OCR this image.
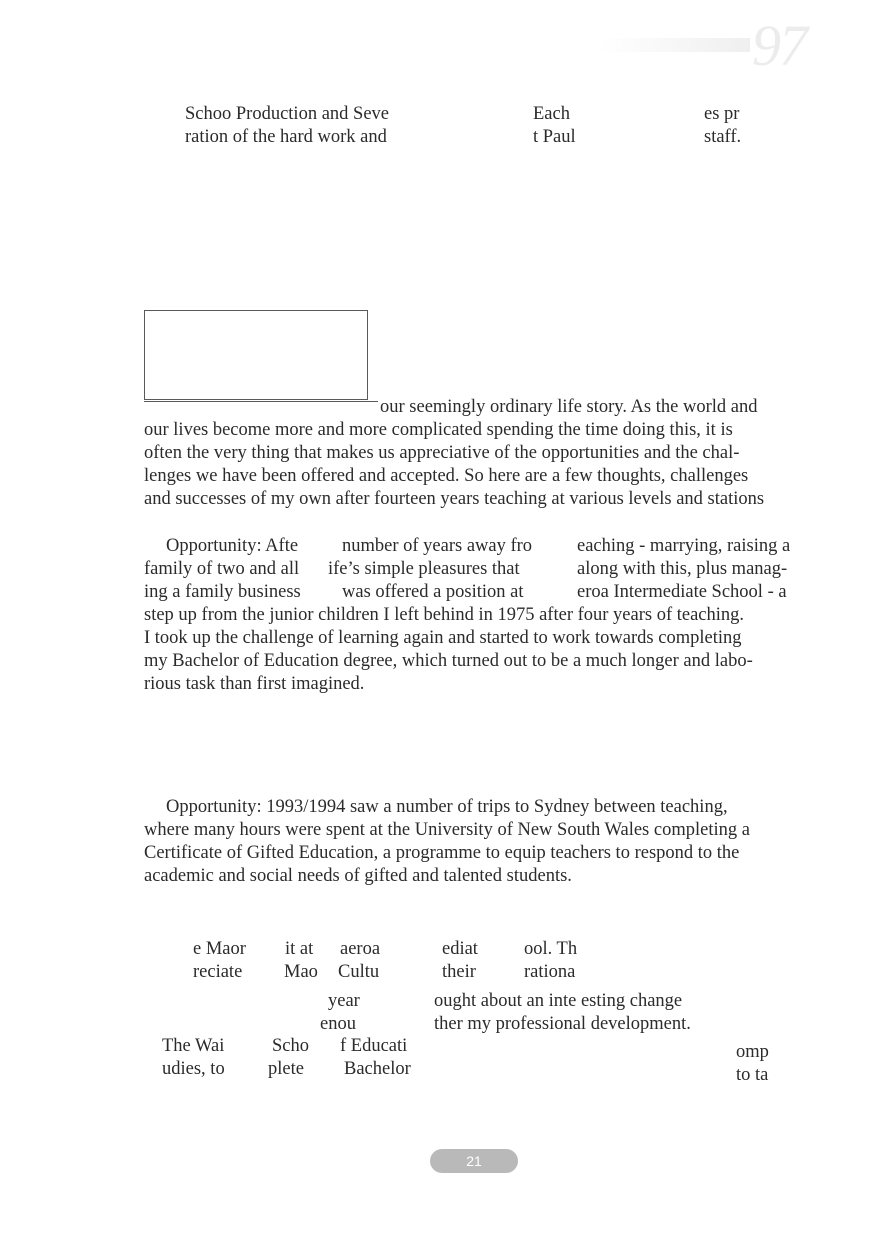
97
Schoo Production and Seve
ration of the hard work and
Each
t Paul
es pr
staff.
our seemingly ordinary life story. As the world and
our lives become more and more complicated spending the time doing this, it is
often the very thing that makes us appreciative of the opportunities and the chal-
lenges we have been offered and accepted. So here are a few thoughts, challenges
and successes of my own after fourteen years teaching at various levels and stations
Opportunity: Afte
family of two and all
ing a family business
number of years away fro
ife’s simple pleasures that
was offered a position at
eaching - marrying, raising a
along with this, plus manag-
eroa Intermediate School - a
step up from the junior children I left behind in 1975 after four years of teaching.
I took up the challenge of learning again and started to work towards completing
my Bachelor of Education degree, which turned out to be a much longer and labo-
rious task than first imagined.
Opportunity: 1993/1994 saw a number of trips to Sydney between teaching,
where many hours were spent at the University of New South Wales completing a
Certificate of Gifted Education, a programme to equip teachers to respond to the
academic and social needs of gifted and talented students.
e Maor it at aeroa	ediat ool. Th
reciate Mao Cultu	their	rationa
year	ought about an inte esting change
enou	ther my professional development.
The Wai	Scho f Educati	omp
udies, to plete Bachelor	to ta
21
